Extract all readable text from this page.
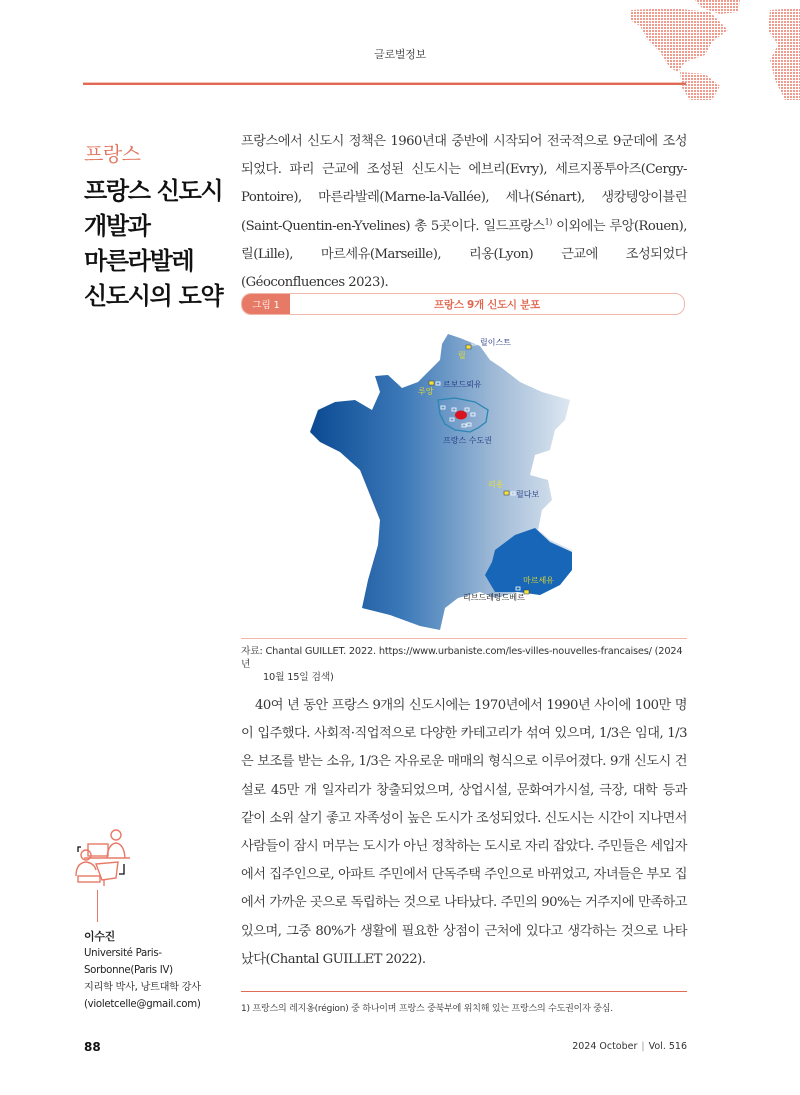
글로벌정보
프랑스
프랑스 신도시
개발과
마른라발레
신도시의 도약
프랑스에서 신도시 정책은 1960년대 중반에 시작되어 전국적으로 9군데에 조성되었다. 파리 근교에 조성된 신도시는 에브리(Evry), 세르지퐁투아즈(Cergy-Pontoire), 마른라발레(Marne-la-Vallée), 세나(Sénart), 생캉텡앙이블린(Saint-Quentin-en-Yvelines) 총 5곳이다. 일드프랑스$^{1)}$ 이외에는 루앙(Rouen), 릴(Lille), 마르세유(Marseille), 리옹(Lyon) 근교에 조성되었다(Géoconfluences 2023).
그림 1	프랑스 9개 신도시 분포
릴이스트
릴
르보드뢰유
루앙
프랑스 수도권
리옹
릴다보
마르세유
리브드레탕드베르
자료: Chantal GUILLET. 2022. https://www.urbaniste.com/les-villes-nouvelles-francaises/ (2024년
10월 15일 검색)
40여 년 동안 프랑스 9개의 신도시에는 1970년에서 1990년 사이에 100만 명이 입주했다. 사회적·직업적으로 다양한 카테고리가 섞여 있으며, 1/3은 임대, 1/3은 보조를 받는 소유, 1/3은 자유로운 매매의 형식으로 이루어졌다. 9개 신도시 건설로 45만 개 일자리가 창출되었으며, 상업시설, 문화여가시설, 극장, 대학 등과 같이 소위 살기 좋고 자족성이 높은 도시가 조성되었다. 신도시는 시간이 지나면서 사람들이 잠시 머무는 도시가 아닌 정착하는 도시로 자리 잡았다. 주민들은 세입자에서 집주인으로, 아파트 주민에서 단독주택 주인으로 바뀌었고, 자녀들은 부모 집에서 가까운 곳으로 독립하는 것으로 나타났다. 주민의 90%는 거주지에 만족하고 있으며, 그중 80%가 생활에 필요한 상점이 근처에 있다고 생각하는 것으로 나타났다(Chantal GUILLET 2022).
이수진
Université Paris-
Sorbonne(Paris IV)
지리학 박사, 낭트대학 강사
(violetcelle@gmail.com)	1) 프랑스의 레지옹(région) 중 하나이며 프랑스 중북부에 위치해 있는 프랑스의 수도권이자 중심.
88	2024 October | Vol. 516
